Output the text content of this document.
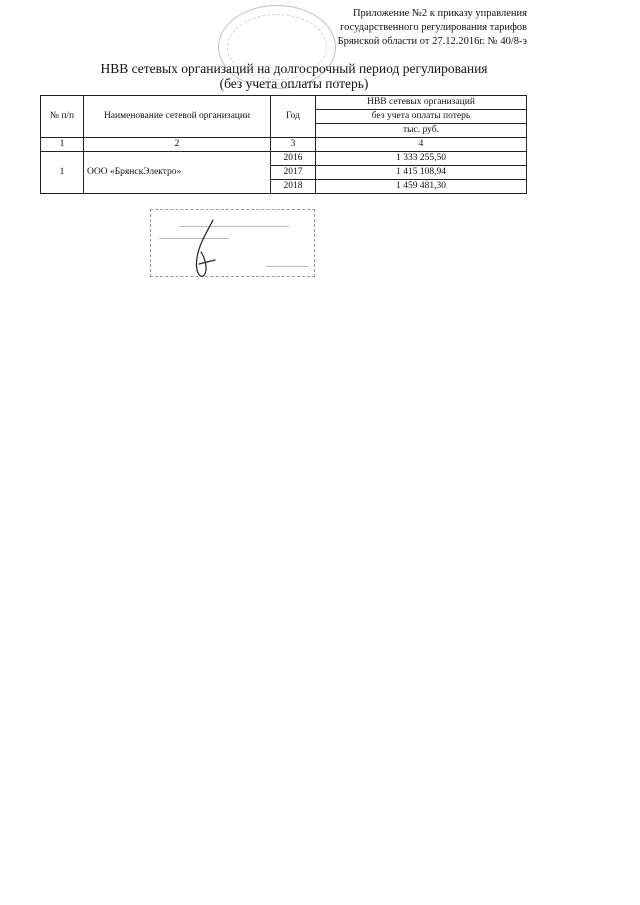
Приложение №2 к приказу управления
государственного регулирования тарифов
Брянской области от 27.12.2016г. № 40/8-э
НВВ сетевых организаций на долгосрочный период регулирования
(без учета оплаты потерь)
№ п/п	Наименование сетевой организации	Год	НВВ сетевых организаций
			без учета оплаты потерь
			тыс. руб.
1	2	3	4
1	ООО «БрянскЭлектро»	2016	1 333 255,50
		2017	1 415 108,94
		2018	1 459 481,30
